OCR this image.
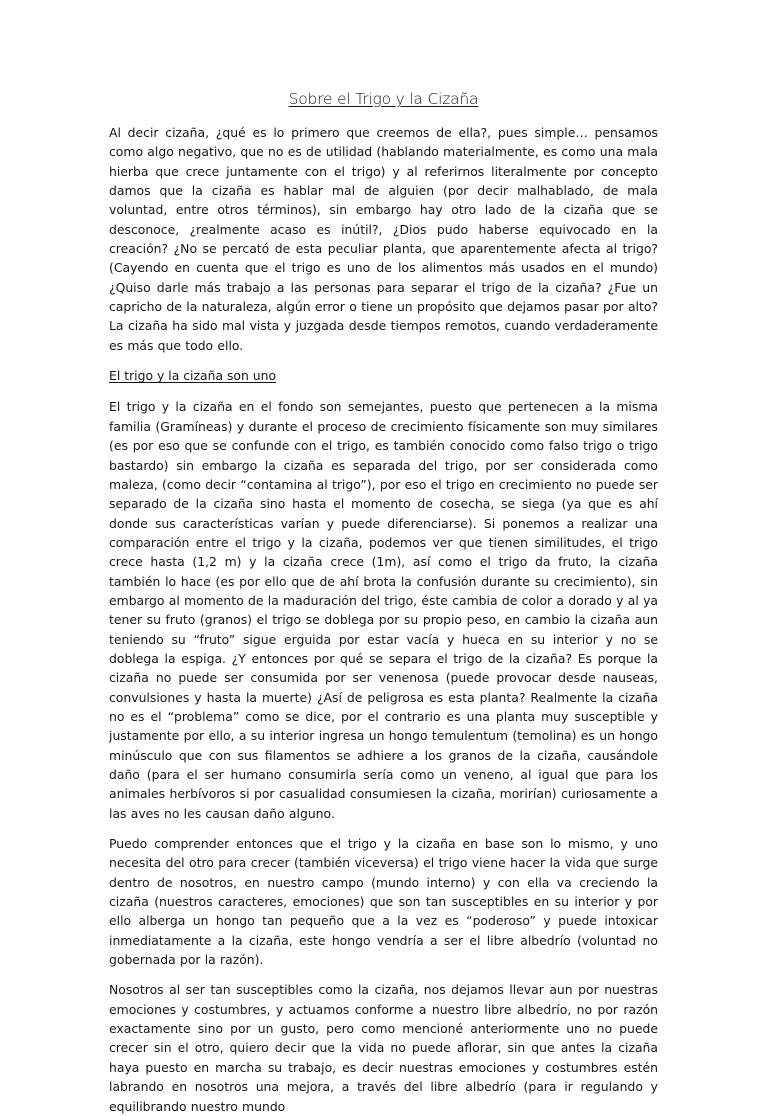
Sobre el Trigo y la Cizaña

Al decir cizaña, ¿qué es lo primero que creemos de ella?, pues simple… pensamos como algo negativo, que no es de utilidad (hablando materialmente, es como una mala hierba que crece juntamente con el trigo) y al referirnos literalmente por concepto damos que la cizaña es hablar mal de alguien (por decir malhablado, de mala voluntad, entre otros términos), sin embargo hay otro lado de la cizaña que se desconoce, ¿realmente acaso es inútil?, ¿Dios pudo haberse equivocado en la creación? ¿No se percató de esta peculiar planta, que aparentemente afecta al trigo? (Cayendo en cuenta que el trigo es uno de los alimentos más usados en el mundo) ¿Quiso darle más trabajo a las personas para separar el trigo de la cizaña? ¿Fue un capricho de la naturaleza, algún error o tiene un propósito que dejamos pasar por alto? La cizaña ha sido mal vista y juzgada desde tiempos remotos, cuando verdaderamente es más que todo ello.

El trigo y la cizaña son uno

El trigo y la cizaña en el fondo son semejantes, puesto que pertenecen a la misma familia (Gramíneas) y durante el proceso de crecimiento físicamente son muy similares (es por eso que se confunde con el trigo, es también conocido como falso trigo o trigo bastardo) sin embargo la cizaña es separada del trigo, por ser considerada como maleza, (como decir “contamina al trigo”), por eso el trigo en crecimiento no puede ser separado de la cizaña sino hasta el momento de cosecha, se siega (ya que es ahí donde sus características varían y puede diferenciarse). Si ponemos a realizar una comparación entre el trigo y la cizaña, podemos ver que tienen similitudes, el trigo crece hasta (1,2 m) y la cizaña crece (1m), así como el trigo da fruto, la cizaña también lo hace (es por ello que de ahí brota la confusión durante su crecimiento), sin embargo al momento de la maduración del trigo, éste cambia de color a dorado y al ya tener su fruto (granos) el trigo se doblega por su propio peso, en cambio la cizaña aun teniendo su “fruto” sigue erguida por estar vacía y hueca en su interior y no se doblega la espiga. ¿Y entonces por qué se separa el trigo de la cizaña? Es porque la cizaña no puede ser consumida por ser venenosa (puede provocar desde nauseas, convulsiones y hasta la muerte) ¿Así de peligrosa es esta planta? Realmente la cizaña no es el “problema” como se dice, por el contrario es una planta muy susceptible y justamente por ello, a su interior ingresa un hongo temulentum (temolina) es un hongo minúsculo que con sus filamentos se adhiere a los granos de la cizaña, causándole daño (para el ser humano consumirla sería como un veneno, al igual que para los animales herbívoros si por casualidad consumiesen la cizaña, morirían) curiosamente a las aves no les causan daño alguno.

Puedo comprender entonces que el trigo y la cizaña en base son lo mismo, y uno necesita del otro para crecer (también viceversa) el trigo viene hacer la vida que surge dentro de nosotros, en nuestro campo (mundo interno) y con ella va creciendo la cizaña (nuestros caracteres, emociones) que son tan susceptibles en su interior y por ello alberga un hongo tan pequeño que a la vez es “poderoso” y puede intoxicar inmediatamente a la cizaña, este hongo vendría a ser el libre albedrío (voluntad no gobernada por la razón).

Nosotros al ser tan susceptibles como la cizaña, nos dejamos llevar aun por nuestras emociones y costumbres, y actuamos conforme a nuestro libre albedrío, no por razón exactamente sino por un gusto, pero como mencioné anteriormente uno no puede crecer sin el otro, quiero decir que la vida no puede aflorar, sin que antes la cizaña haya puesto en marcha su trabajo, es decir nuestras emociones y costumbres estén labrando en nosotros una mejora, a través del libre albedrío (para ir regulando y equilibrando nuestro mundo
